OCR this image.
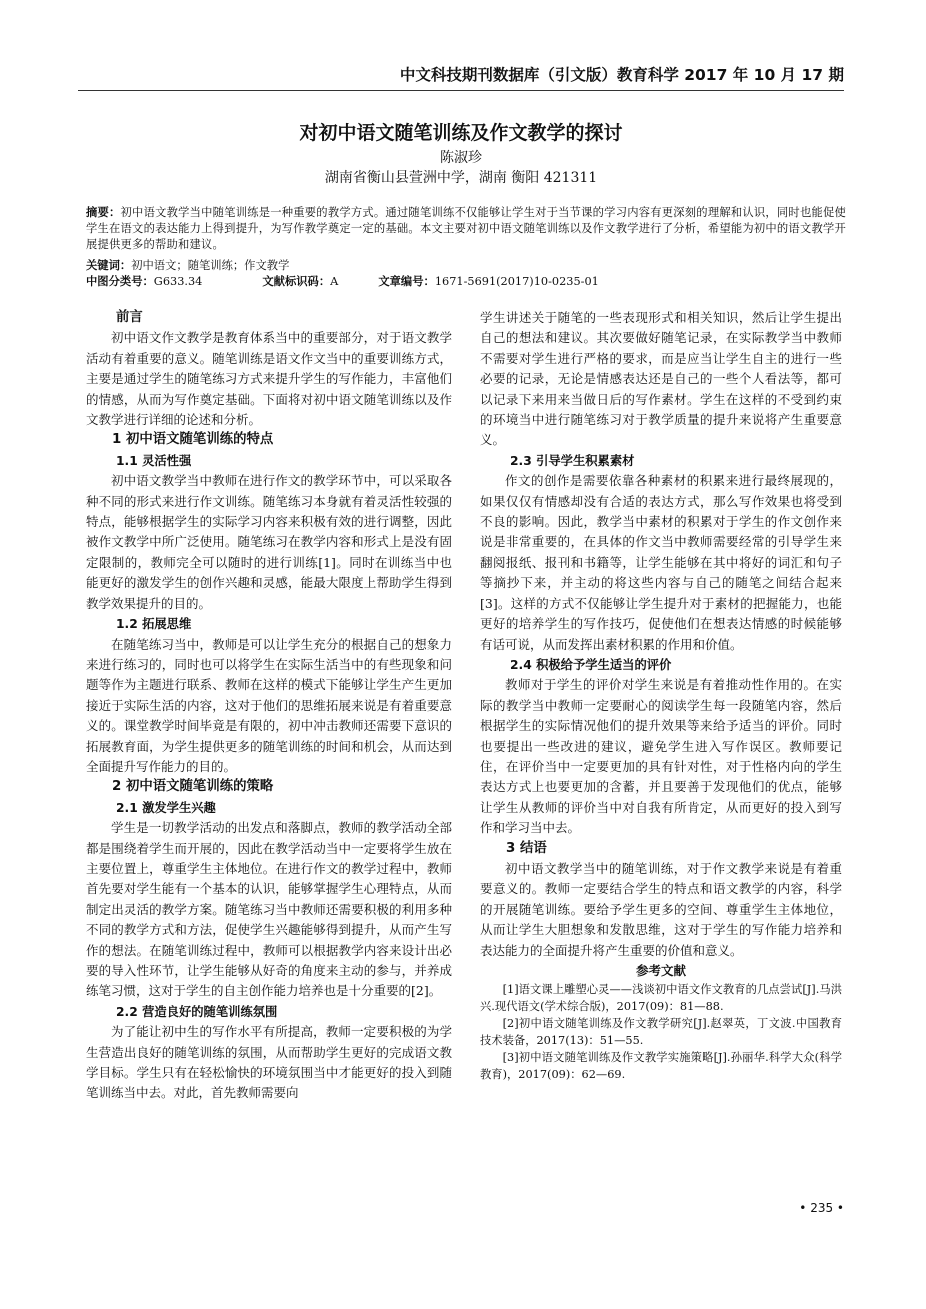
中文科技期刊数据库（引文版）教育科学 2017 年 10 月 17 期
对初中语文随笔训练及作文教学的探讨
陈淑珍
湖南省衡山县萱洲中学，湖南 衡阳 421311
摘要：初中语文教学当中随笔训练是一种重要的教学方式。通过随笔训练不仅能够让学生对于当节课的学习内容有更深刻的理解和认识，同时也能促使学生在语文的表达能力上得到提升，为写作教学奠定一定的基础。本文主要对初中语文随笔训练以及作文教学进行了分析，希望能为初中的语文教学开展提供更多的帮助和建议。
关键词：初中语文；随笔训练；作文教学
中图分类号：G633.34	文献标识码：A	文章编号：1671-5691(2017)10-0235-01
前言

初中语文作文教学是教育体系当中的重要部分，对于语文教学活动有着重要的意义。随笔训练是语文作文当中的重要训练方式，主要是通过学生的随笔练习方式来提升学生的写作能力，丰富他们的情感，从而为写作奠定基础。下面将对初中语文随笔训练以及作文教学进行详细的论述和分析。

1 初中语文随笔训练的特点
1.1 灵活性强

初中语文教学当中教师在进行作文的教学环节中，可以采取各种不同的形式来进行作文训练。随笔练习本身就有着灵活性较强的特点，能够根据学生的实际学习内容来积极有效的进行调整，因此被作文教学中所广泛使用。随笔练习在教学内容和形式上是没有固定限制的，教师完全可以随时的进行训练[1]。同时在训练当中也能更好的激发学生的创作兴趣和灵感，能最大限度上帮助学生得到教学效果提升的目的。

1.2 拓展思维

在随笔练习当中，教师是可以让学生充分的根据自己的想象力来进行练习的，同时也可以将学生在实际生活当中的有些现象和问题等作为主题进行联系、教师在这样的模式下能够让学生产生更加接近于实际生活的内容，这对于他们的思维拓展来说是有着重要意义的。课堂教学时间毕竟是有限的，初中冲击教师还需要下意识的拓展教育面，为学生提供更多的随笔训练的时间和机会，从而达到全面提升写作能力的目的。

2 初中语文随笔训练的策略
2.1 激发学生兴趣

学生是一切教学活动的出发点和落脚点，教师的教学活动全部都是围绕着学生而开展的，因此在教学活动当中一定要将学生放在主要位置上，尊重学生主体地位。在进行作文的教学过程中，教师首先要对学生能有一个基本的认识，能够掌握学生心理特点，从而制定出灵活的教学方案。随笔练习当中教师还需要积极的利用多种不同的教学方式和方法，促使学生兴趣能够得到提升，从而产生写作的想法。在随笔训练过程中，教师可以根据教学内容来设计出必要的导入性环节，让学生能够从好奇的角度来主动的参与，并养成练笔习惯，这对于学生的自主创作能力培养也是十分重要的[2]。

2.2 营造良好的随笔训练氛围

为了能让初中生的写作水平有所提高，教师一定要积极的为学生营造出良好的随笔训练的氛围，从而帮助学生更好的完成语文教学目标。学生只有在轻松愉快的环境氛围当中才能更好的投入到随笔训练当中去。对此，首先教师需要向

学生讲述关于随笔的一些表现形式和相关知识，然后让学生提出自己的想法和建议。其次要做好随笔记录，在实际教学当中教师不需要对学生进行严格的要求，而是应当让学生自主的进行一些必要的记录，无论是情感表达还是自己的一些个人看法等，都可以记录下来用来当做日后的写作素材。学生在这样的不受到约束的环境当中进行随笔练习对于教学质量的提升来说将产生重要意义。

2.3 引导学生积累素材

作文的创作是需要依靠各种素材的积累来进行最终展现的，如果仅仅有情感却没有合适的表达方式，那么写作效果也将受到不良的影响。因此，教学当中素材的积累对于学生的作文创作来说是非常重要的，在具体的作文当中教师需要经常的引导学生来翻阅报纸、报刊和书籍等，让学生能够在其中将好的词汇和句子等摘抄下来，并主动的将这些内容与自己的随笔之间结合起来[3]。这样的方式不仅能够让学生提升对于素材的把握能力，也能更好的培养学生的写作技巧，促使他们在想表达情感的时候能够有话可说，从而发挥出素材积累的作用和价值。

2.4 积极给予学生适当的评价

教师对于学生的评价对学生来说是有着推动性作用的。在实际的教学当中教师一定要耐心的阅读学生每一段随笔内容，然后根据学生的实际情况他们的提升效果等来给予适当的评价。同时也要提出一些改进的建议，避免学生进入写作误区。教师要记住，在评价当中一定要更加的具有针对性，对于性格内向的学生表达方式上也要更加的含蓄，并且要善于发现他们的优点，能够让学生从教师的评价当中对自我有所肯定，从而更好的投入到写作和学习当中去。

3 结语

初中语文教学当中的随笔训练，对于作文教学来说是有着重要意义的。教师一定要结合学生的特点和语文教学的内容，科学的开展随笔训练。要给予学生更多的空间、尊重学生主体地位，从而让学生大胆想象和发散思维，这对于学生的写作能力培养和表达能力的全面提升将产生重要的价值和意义。

参考文献

[1]语文课上雕塑心灵——浅谈初中语文作文教育的几点尝试[J].马洪兴.现代语文(学术综合版)，2017(09)：81—88.

[2]初中语文随笔训练及作文教学研究[J].赵翠英，丁文波.中国教育技术装备，2017(13)：51—55.

[3]初中语文随笔训练及作文教学实施策略[J].孙丽华.科学大众(科学教育)，2017(09)：62—69.

• 235 •
